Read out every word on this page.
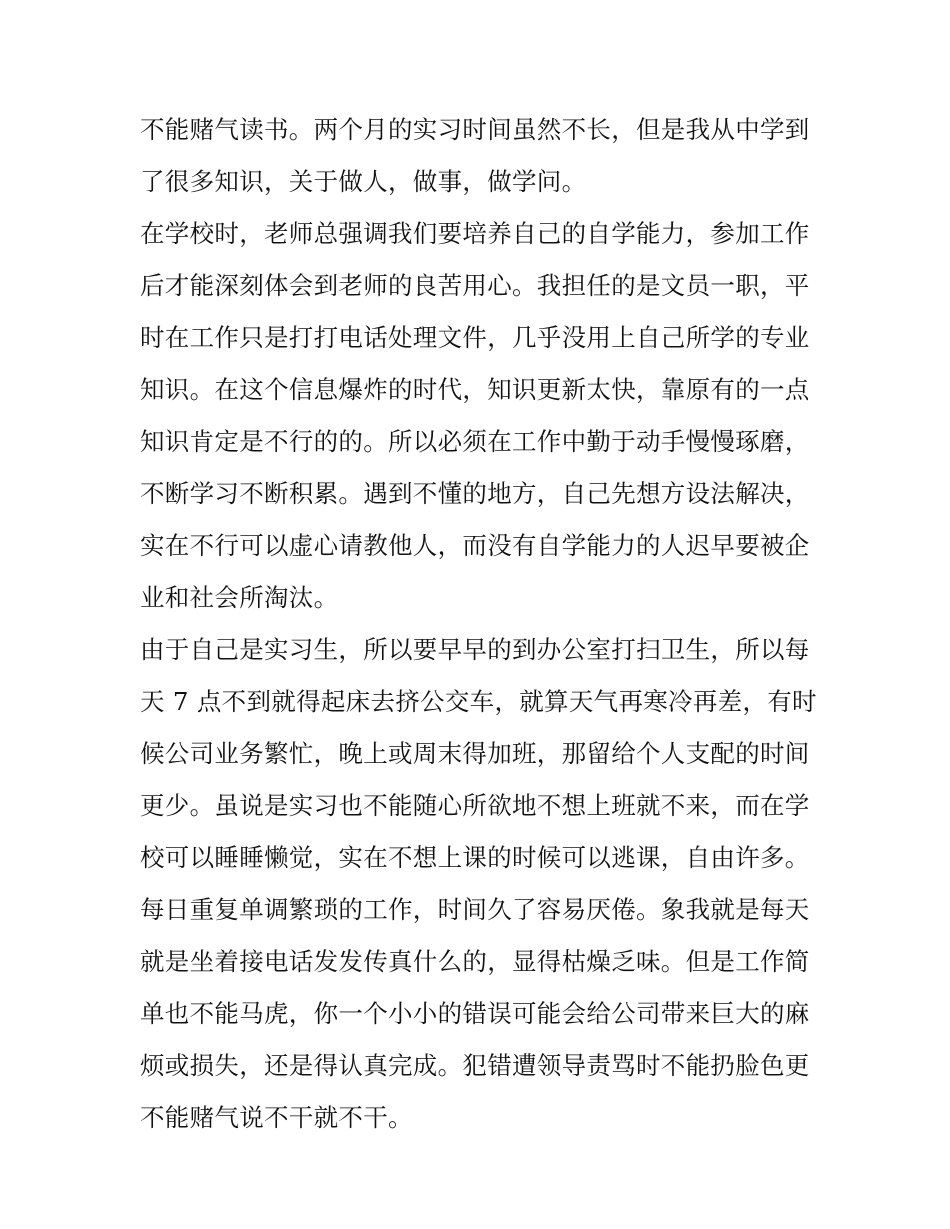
不能赌气读书。两个月的实习时间虽然不长，但是我从中学到
了很多知识，关于做人，做事，做学问。
在学校时，老师总强调我们要培养自己的自学能力，参加工作
后才能深刻体会到老师的良苦用心。我担任的是文员一职，平
时在工作只是打打电话处理文件，几乎没用上自己所学的专业
知识。在这个信息爆炸的时代，知识更新太快，靠原有的一点
知识肯定是不行的的。所以必须在工作中勤于动手慢慢琢磨，
不断学习不断积累。遇到不懂的地方，自己先想方设法解决，
实在不行可以虚心请教他人，而没有自学能力的人迟早要被企
业和社会所淘汰。
由于自己是实习生，所以要早早的到办公室打扫卫生，所以每
天 7 点不到就得起床去挤公交车，就算天气再寒冷再差，有时
候公司业务繁忙，晚上或周末得加班，那留给个人支配的时间
更少。虽说是实习也不能随心所欲地不想上班就不来，而在学
校可以睡睡懒觉，实在不想上课的时候可以逃课，自由许多。
每日重复单调繁琐的工作，时间久了容易厌倦。象我就是每天
就是坐着接电话发发传真什么的，显得枯燥乏味。但是工作简
单也不能马虎，你一个小小的错误可能会给公司带来巨大的麻
烦或损失，还是得认真完成。犯错遭领导责骂时不能扔脸色更
不能赌气说不干就不干。
